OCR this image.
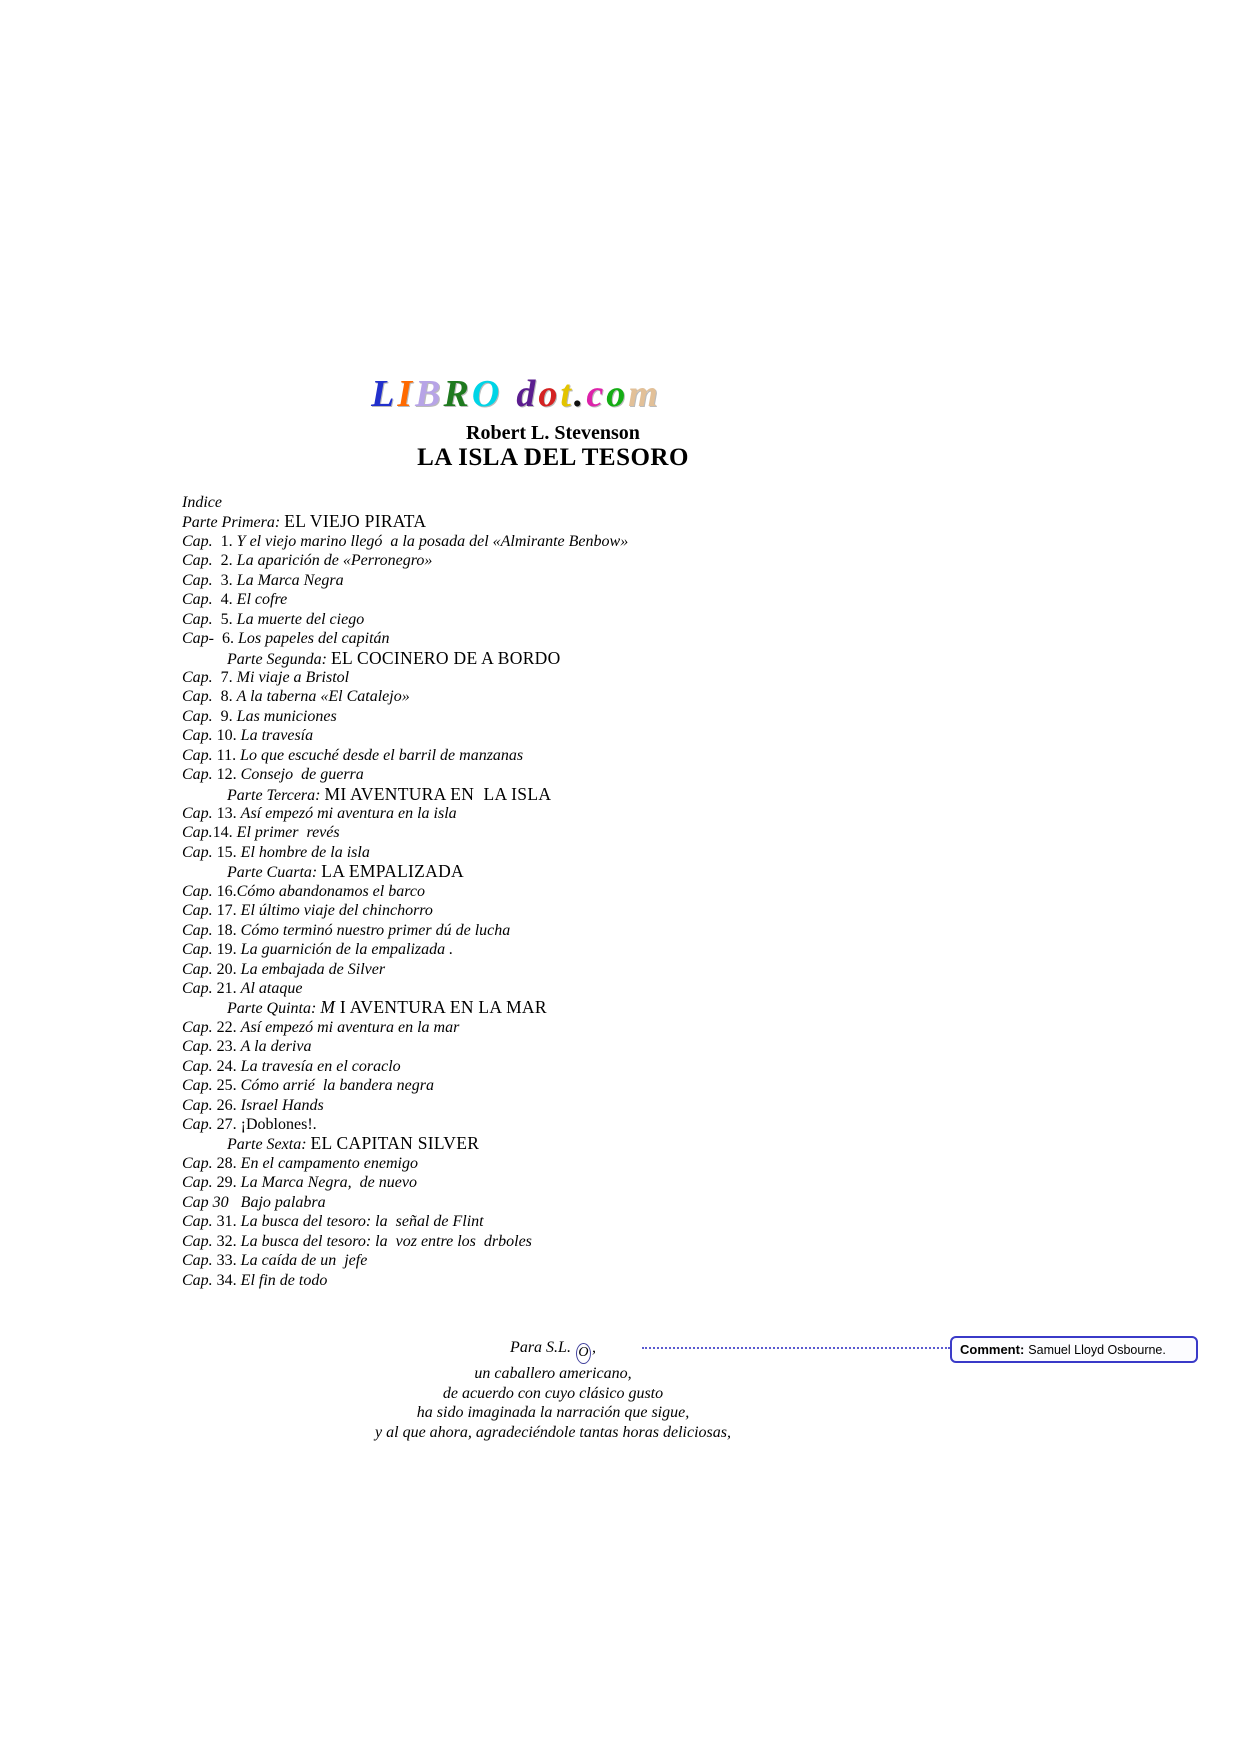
LIBRO dot.com
Robert L. Stevenson
LA ISLA DEL TESORO
Indice
Parte Primera: EL VIEJO PIRATA
Cap.  1. Y el viejo marino llegó  a la posada del «Almirante Benbow»
Cap.  2. La aparición de «Perronegro»
Cap.  3. La Marca Negra
Cap.  4. El cofre
Cap.  5. La muerte del ciego
Cap-  6. Los papeles del capitán
Parte Segunda: EL COCINERO DE A BORDO
Cap.  7. Mi viaje a Bristol
Cap.  8. A la taberna «El Catalejo»
Cap.  9. Las municiones
Cap. 10. La travesía
Cap. 11. Lo que escuché desde el barril de manzanas
Cap. 12. Consejo  de guerra
Parte Tercera: MI AVENTURA EN  LA ISLA
Cap. 13. Así empezó mi aventura en la isla
Cap.14. El primer  revés
Cap. 15. El hombre de la isla
Parte Cuarta: LA EMPALIZADA
Cap. 16.Cómo abandonamos el barco
Cap. 17. El último viaje del chinchorro
Cap. 18. Cómo terminó nuestro primer dú de lucha
Cap. 19. La guarnición de la empalizada .
Cap. 20. La embajada de Silver
Cap. 21. Al ataque
Parte Quinta: M I AVENTURA EN LA MAR
Cap. 22. Así empezó mi aventura en la mar
Cap. 23. A la deriva
Cap. 24. La travesía en el coraclo
Cap. 25. Cómo arrié  la bandera negra
Cap. 26. Israel Hands
Cap. 27. ¡Doblones!.
Parte Sexta: EL CAPITAN SILVER
Cap. 28. En el campamento enemigo
Cap. 29. La Marca Negra,  de nuevo
Cap 30 Bajo palabra
Cap. 31. La busca del tesoro: la  señal de Flint
Cap. 32. La busca del tesoro: la  voz entre los  drboles
Cap. 33. La caída de un  jefe
Cap. 34. El fin de todo
Para S.L. O ,
un caballero americano,
de acuerdo con cuyo clásico gusto
ha sido imaginada la narración que sigue,
y al que ahora, agradeciéndole tantas horas deliciosas,
Comment: Samuel Lloyd Osbourne.
